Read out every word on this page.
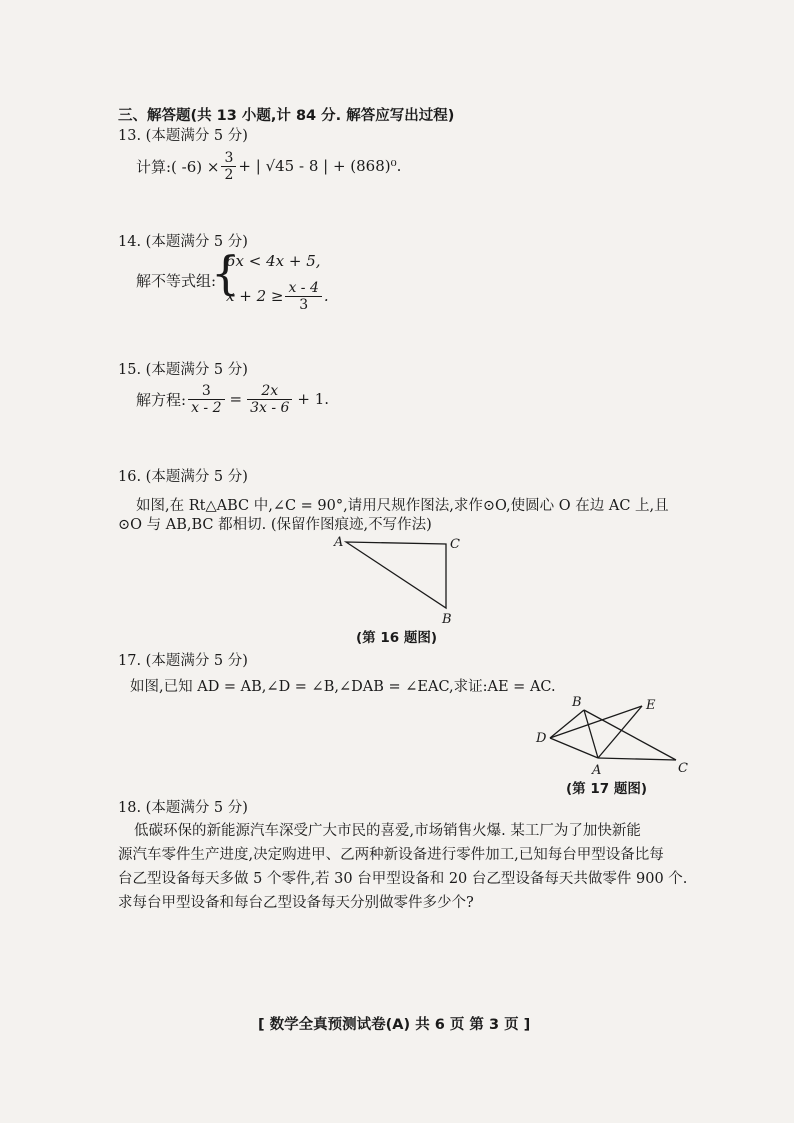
三、解答题(共 13 小题,计 84 分. 解答应写出过程)
13. (本题满分 5 分)
计算:( $-6) \times \frac{3}{2}$ + | √45 - 8 | + (868)⁰.
14. (本题满分 5 分)
解不等式组:
{
6x < 4x + 5,
$x + 2 \ge \frac{x - 4}{3}$ .
15. (本题满分 5 分)
解方程: $\frac{3}{x - 2} = \frac{2x}{3x - 6} + 1$.
16. (本题满分 5 分)
如图,在 Rt△ABC 中,∠C = 90°,请用尺规作图法,求作⊙O,使圆心 O 在边 AC 上,且
⊙O 与 AB,BC 都相切. (保留作图痕迹,不写作法)
A	C
B
(第 16 题图)
17. (本题满分 5 分)
如图,已知 AD = AB,∠D = ∠B,∠DAB = ∠EAC,求证:AE = AC.
D
B	E
A	C
(第 17 题图)
18. (本题满分 5 分)
低碳环保的新能源汽车深受广大市民的喜爱,市场销售火爆. 某工厂为了加快新能
源汽车零件生产进度,决定购进甲、乙两种新设备进行零件加工,已知每台甲型设备比每
台乙型设备每天多做 5 个零件,若 30 台甲型设备和 20 台乙型设备每天共做零件 900 个.
求每台甲型设备和每台乙型设备每天分别做零件多少个?
[ 数学全真预测试卷(A) 共 6 页 第 3 页 ]
